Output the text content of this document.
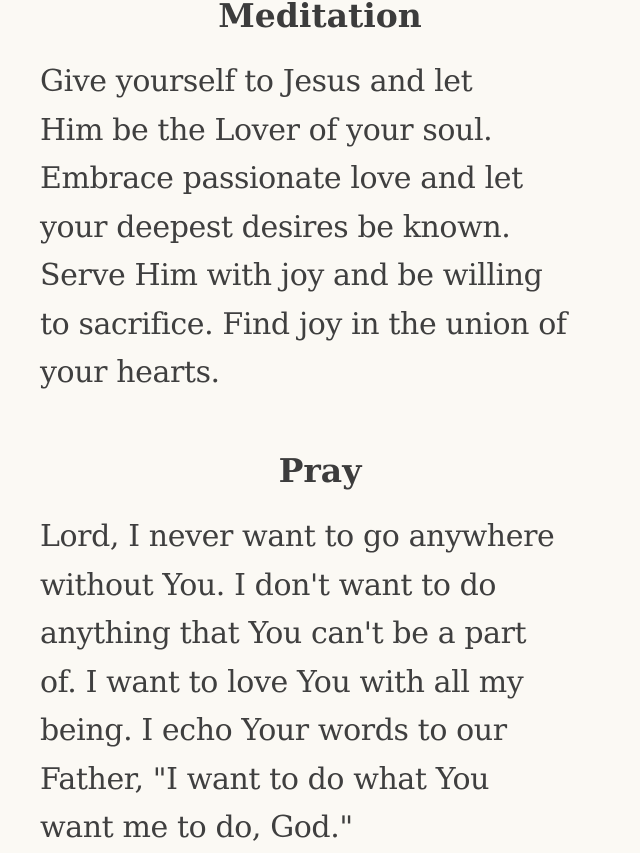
Meditation

Give yourself to Jesus and let
Him be the Lover of your soul.
Embrace passionate love and let
your deepest desires be known.
Serve Him with joy and be willing
to sacrifice. Find joy in the union of
your hearts.

Pray

Lord, I never want to go anywhere
without You. I don't want to do
anything that You can't be a part
of. I want to love You with all my
being. I echo Your words to our
Father, "I want to do what You
want me to do, God."
